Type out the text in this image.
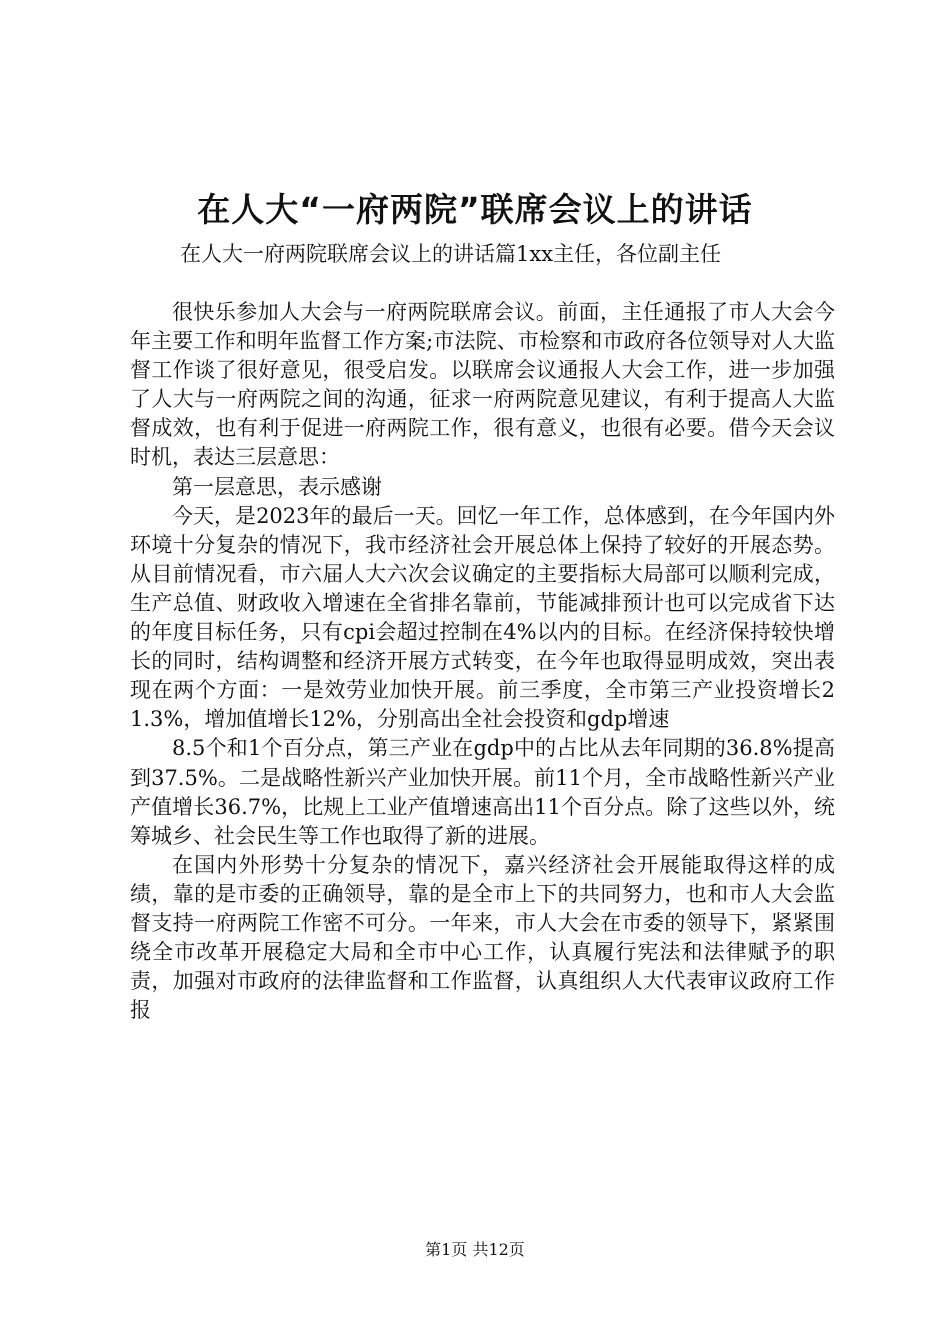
在人大“一府两院”联席会议上的讲话

在人大一府两院联席会议上的讲话篇1xx主任，各位副主任

很快乐参加人大会与一府两院联席会议。前面，主任通报了市人大会今年主要工作和明年监督工作方案;市法院、市检察和市政府各位领导对人大监督工作谈了很好意见，很受启发。以联席会议通报人大会工作，进一步加强了人大与一府两院之间的沟通，征求一府两院意见建议，有利于提高人大监督成效，也有利于促进一府两院工作，很有意义，也很有必要。借今天会议时机，表达三层意思：

第一层意思，表示感谢

今天，是2023年的最后一天。回忆一年工作，总体感到，在今年国内外环境十分复杂的情况下，我市经济社会开展总体上保持了较好的开展态势。从目前情况看，市六届人大六次会议确定的主要指标大局部可以顺利完成，生产总值、财政收入增速在全省排名靠前，节能减排预计也可以完成省下达的年度目标任务，只有cpi会超过控制在4%以内的目标。在经济保持较快增长的同时，结构调整和经济开展方式转变，在今年也取得显明成效，突出表现在两个方面：一是效劳业加快开展。前三季度，全市第三产业投资增长21.3%，增加值增长12%，分别高出全社会投资和gdp增速

8.5个和1个百分点，第三产业在gdp中的占比从去年同期的36.8%提高到37.5%。二是战略性新兴产业加快开展。前11个月，全市战略性新兴产业产值增长36.7%，比规上工业产值增速高出11个百分点。除了这些以外，统筹城乡、社会民生等工作也取得了新的进展。

在国内外形势十分复杂的情况下，嘉兴经济社会开展能取得这样的成绩，靠的是市委的正确领导，靠的是全市上下的共同努力，也和市人大会监督支持一府两院工作密不可分。一年来，市人大会在市委的领导下，紧紧围绕全市改革开展稳定大局和全市中心工作，认真履行宪法和法律赋予的职责，加强对市政府的法律监督和工作监督，认真组织人大代表审议政府工作报

第1页 共12页
